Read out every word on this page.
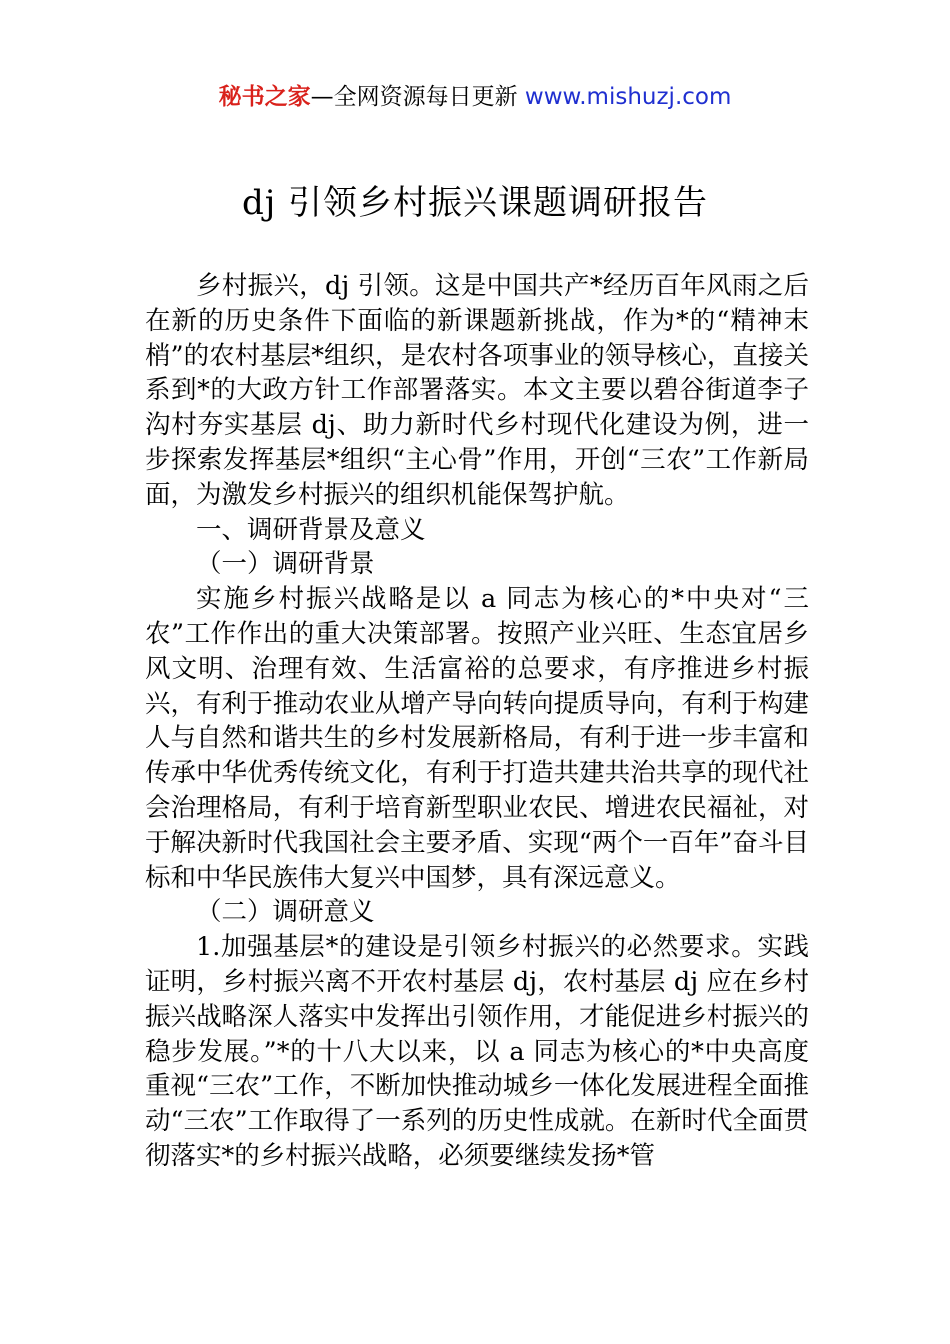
秘书之家—全网资源每日更新 www.mishuzj.com
dj 引领乡村振兴课题调研报告

乡村振兴，dj 引领。这是中国共产*经历百年风雨之后在新的历史条件下面临的新课题新挑战，作为*的“精神末梢”的农村基层*组织，是农村各项事业的领导核心，直接关系到*的大政方针工作部署落实。本文主要以碧谷街道李子沟村夯实基层 dj、助力新时代乡村现代化建设为例，进一步探索发挥基层*组织“主心骨”作用，开创“三农”工作新局面，为激发乡村振兴的组织机能保驾护航。

一、调研背景及意义

（一）调研背景

实施乡村振兴战略是以 a 同志为核心的*中央对“三农”工作作出的重大决策部署。按照产业兴旺、生态宜居乡风文明、治理有效、生活富裕的总要求，有序推进乡村振兴，有利于推动农业从增产导向转向提质导向，有利于构建人与自然和谐共生的乡村发展新格局，有利于进一步丰富和传承中华优秀传统文化，有利于打造共建共治共享的现代社会治理格局，有利于培育新型职业农民、增进农民福祉，对于解决新时代我国社会主要矛盾、实现“两个一百年”奋斗目标和中华民族伟大复兴中国梦，具有深远意义。

（二）调研意义

1.加强基层*的建设是引领乡村振兴的必然要求。实践证明，乡村振兴离不开农村基层 dj，农村基层 dj 应在乡村振兴战略深人落实中发挥出引领作用，才能促进乡村振兴的稳步发展。”*的十八大以来，以 a 同志为核心的*中央高度重视“三农”工作，不断加快推动城乡一体化发展进程全面推动“三农”工作取得了一系列的历史性成就。在新时代全面贯彻落实*的乡村振兴战略，必须要继续发扬*管
